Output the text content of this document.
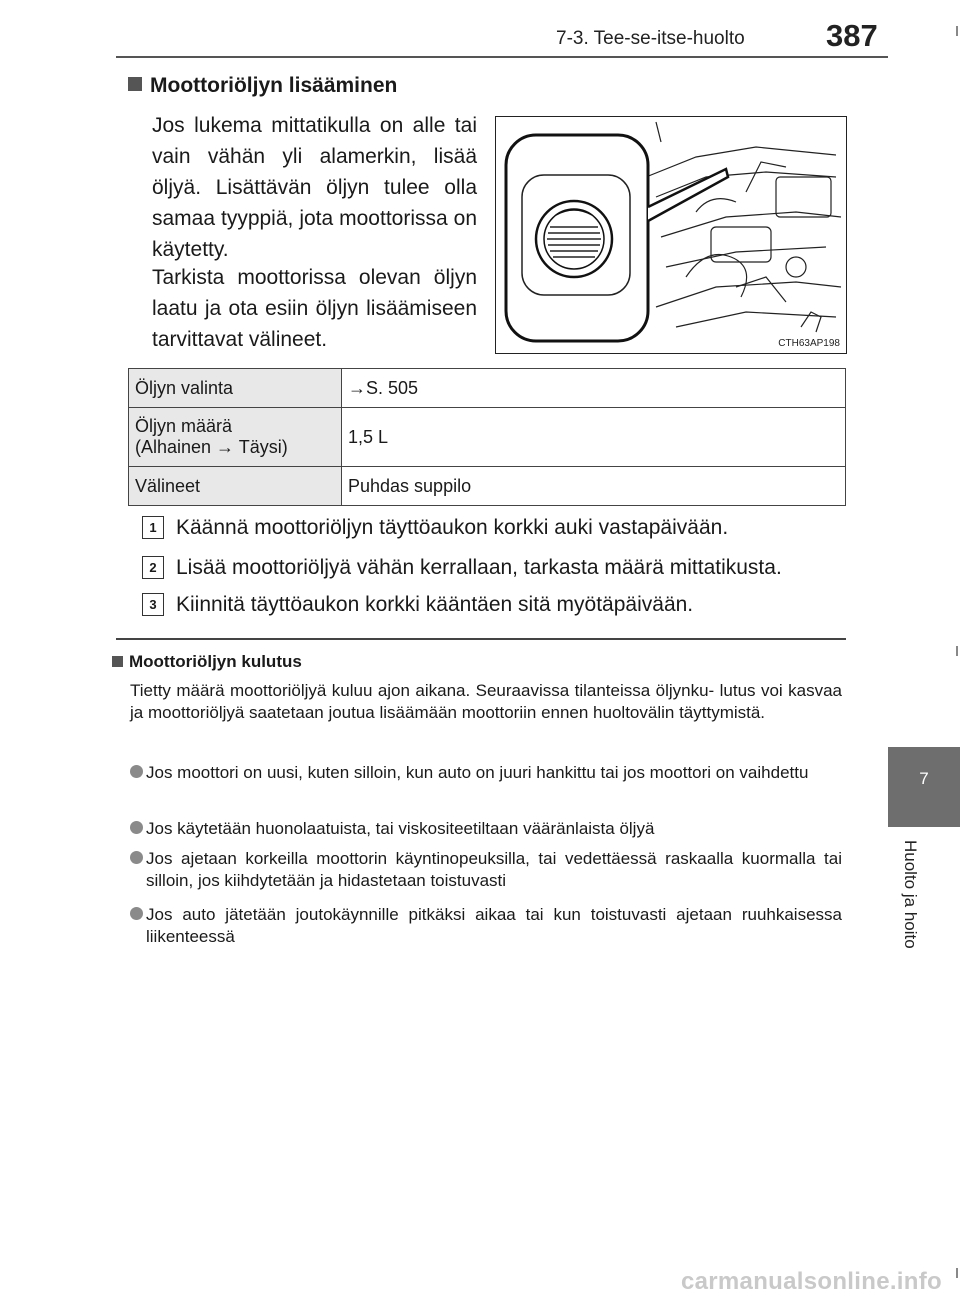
7-3. Tee-se-itse-huolto	387
7
Huolto ja hoito
Moottoriöljyn lisääminen
Jos lukema mittatikulla on alle tai vain vähän yli alamerkin, lisää öljyä. Lisättävän öljyn tulee olla samaa tyyppiä, jota moottorissa on käytetty.
Tarkista moottorissa olevan öljyn laatu ja ota esiin öljyn lisäämiseen tarvittavat välineet.	CTH63AP198
Öljyn valinta	→S. 505

Öljyn määrä
(Alhainen → Täysi)	1,5 L
Välineet	Puhdas suppilo
1 Käännä moottoriöljyn täyttöaukon korkki auki vastapäivään.
2 Lisää moottoriöljyä vähän kerrallaan, tarkasta määrä mittatikusta.
3 Kiinnitä täyttöaukon korkki kääntäen sitä myötäpäivään.
Moottoriöljyn kulutus
Tietty määrä moottoriöljyä kuluu ajon aikana. Seuraavissa tilanteissa öljynku- lutus voi kasvaa ja moottoriöljyä saatetaan joutua lisäämään moottoriin ennen huoltovälin täyttymistä.
Jos moottori on uusi, kuten silloin, kun auto on juuri hankittu tai jos moottori on vaihdettu
Jos käytetään huonolaatuista, tai viskositeetiltaan vääränlaista öljyä
Jos ajetaan korkeilla moottorin käyntinopeuksilla, tai vedettäessä raskaalla kuormalla tai silloin, jos kiihdytetään ja hidastetaan toistuvasti
Jos auto jätetään joutokäynnille pitkäksi aikaa tai kun toistuvasti ajetaan ruuhkaisessa liikenteessä
carmanualsonline.info
